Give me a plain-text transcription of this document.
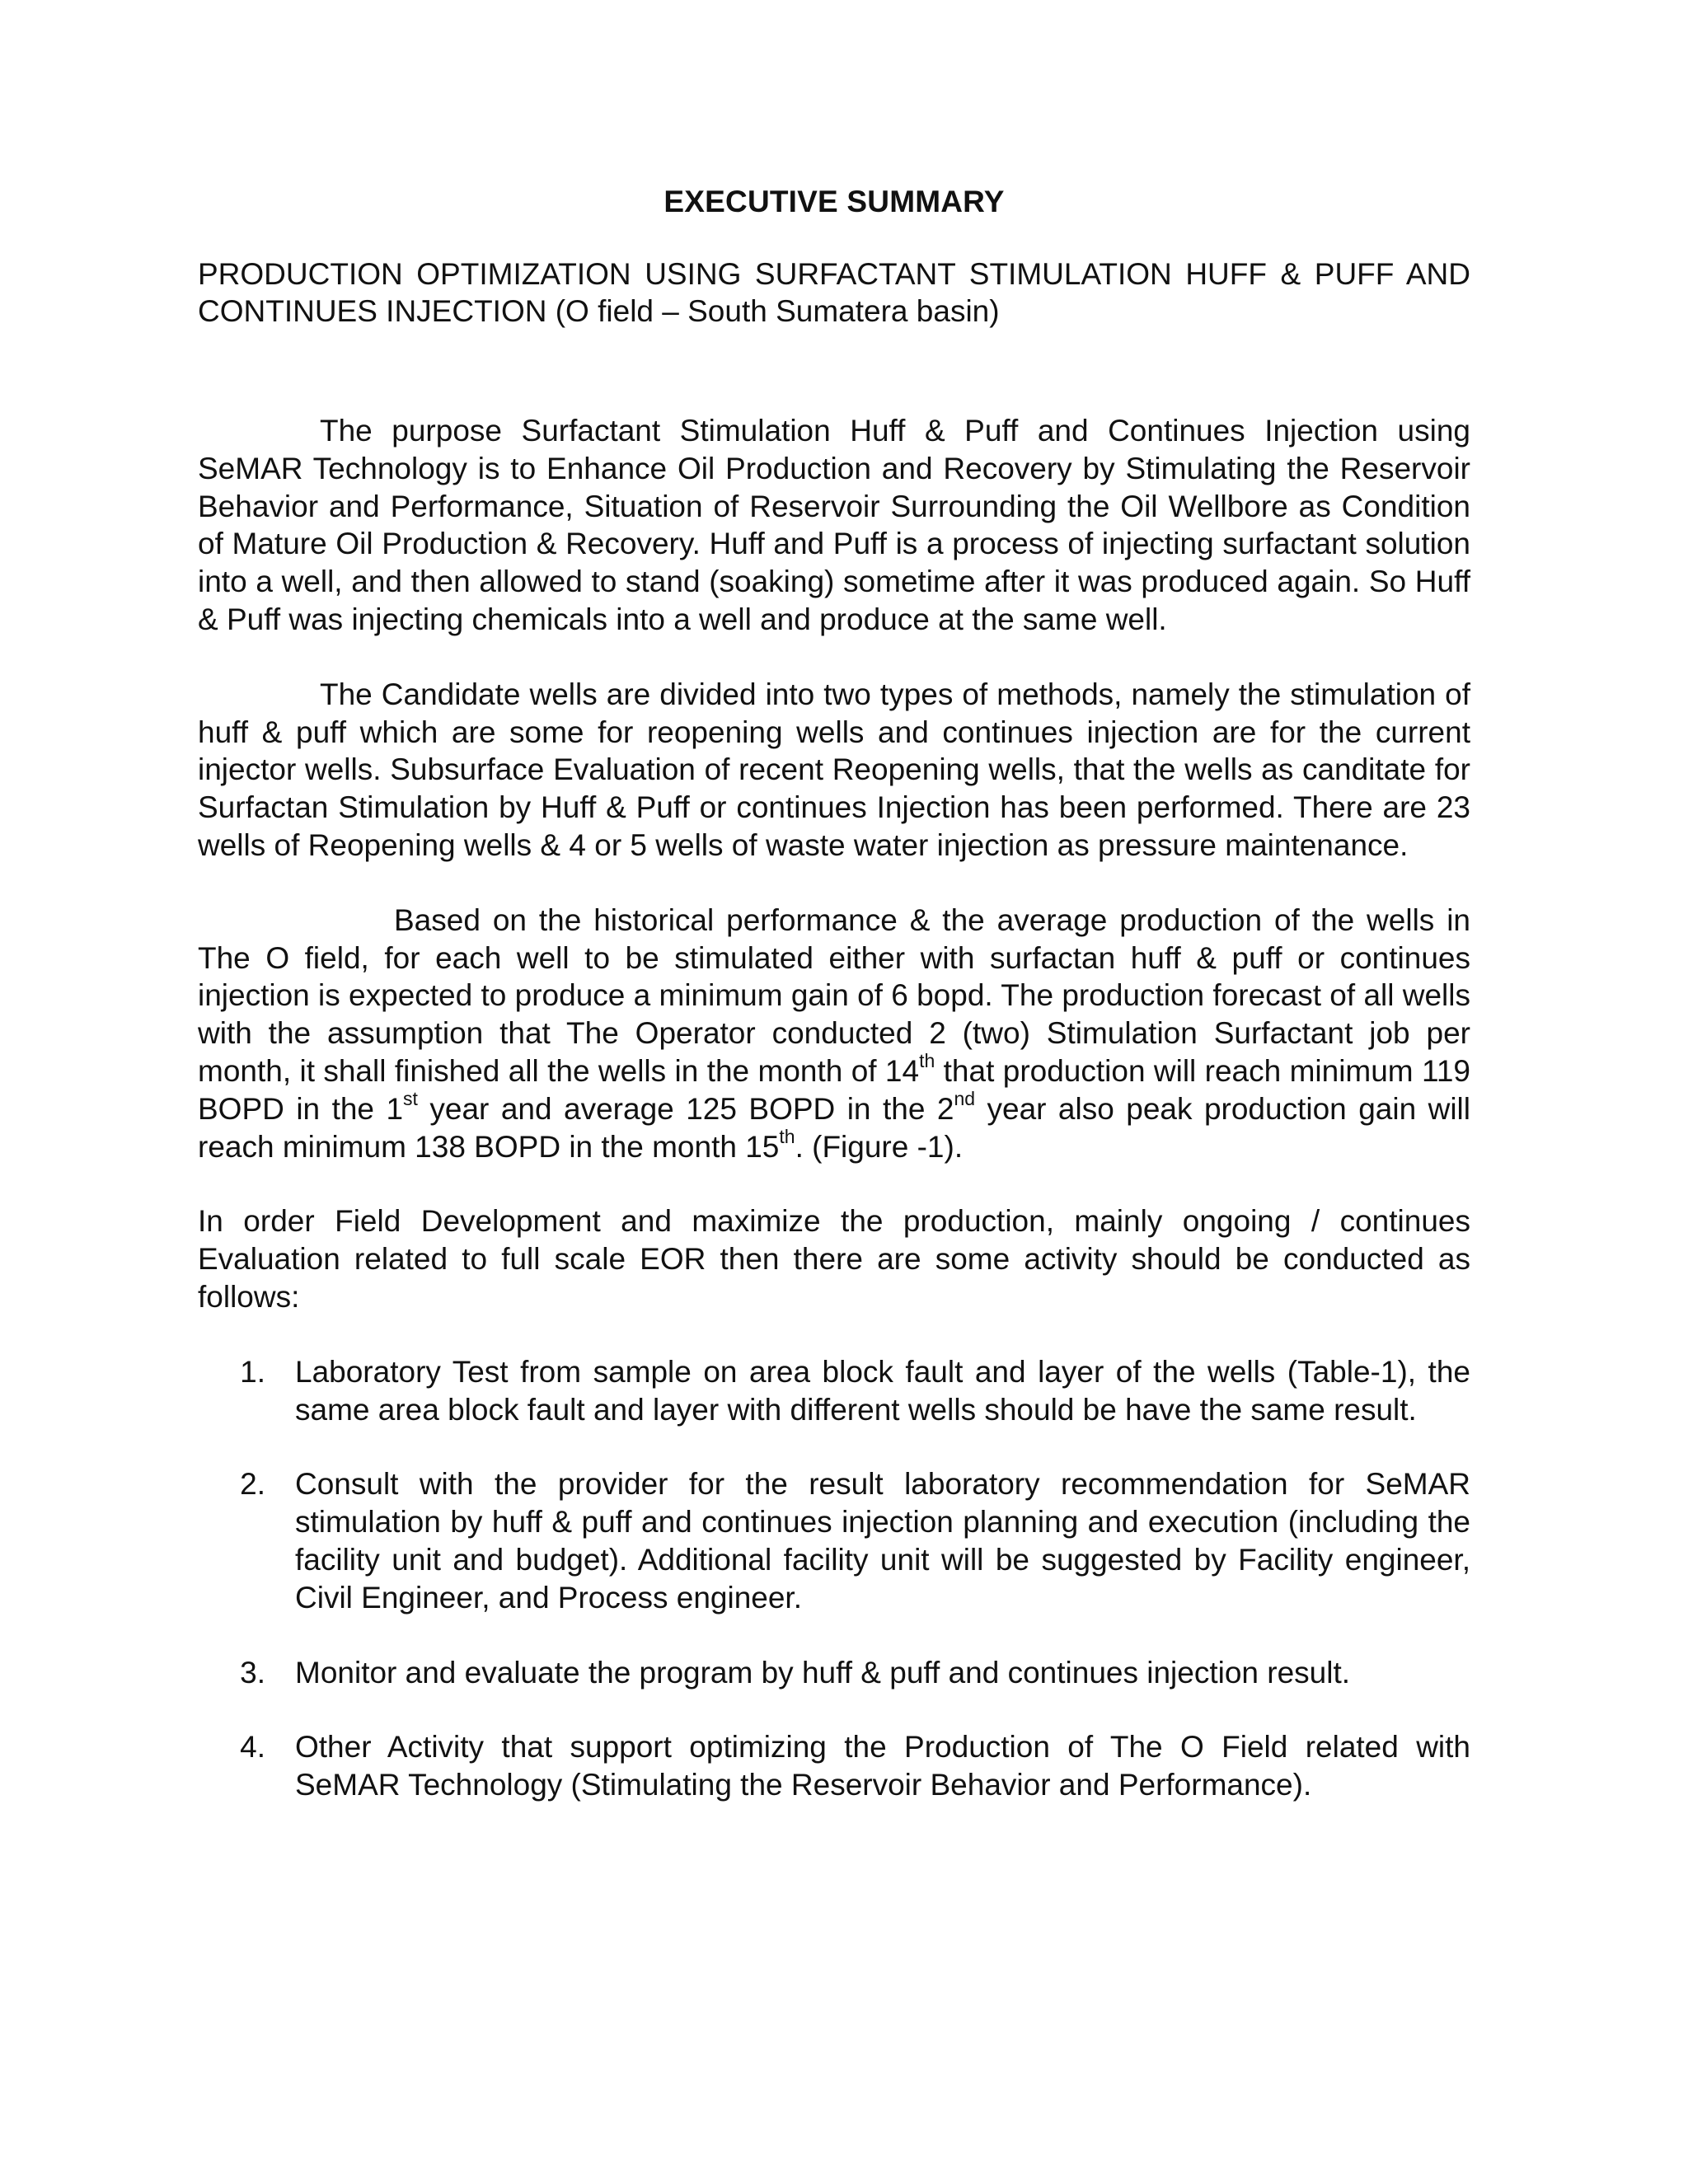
EXECUTIVE SUMMARY
PRODUCTION OPTIMIZATION USING SURFACTANT STIMULATION HUFF & PUFF AND CONTINUES INJECTION (O field – South Sumatera basin)

The purpose Surfactant Stimulation Huff & Puff and Continues Injection using SeMAR Technology is to Enhance Oil Production and Recovery by Stimulating the Reservoir Behavior and Performance, Situation of Reservoir Surrounding the Oil Wellbore as Condition of Mature Oil Production & Recovery. Huff and Puff is a process of injecting surfactant solution into a well, and then allowed to stand (soaking) sometime after it was produced again. So Huff & Puff was injecting chemicals into a well and produce at the same well.

The Candidate wells are divided into two types of methods, namely the stimulation of huff & puff which are some for reopening wells and continues injection are for the current injector wells. Subsurface Evaluation of recent Reopening wells, that the wells as canditate for Surfactan Stimulation by Huff & Puff or continues Injection has been performed. There are 23 wells of Reopening wells & 4 or 5 wells of waste water injection as pressure maintenance.

Based on the historical performance & the average production of the wells in The O field, for each well to be stimulated either with surfactan huff & puff or continues injection is expected to produce a minimum gain of 6 bopd. The production forecast of all wells with the assumption that The Operator conducted 2 (two) Stimulation Surfactant job per month, it shall finished all the wells in the month of 14th that production will reach minimum 119 BOPD in the 1st year and average 125 BOPD in the 2nd year also peak production gain will reach minimum 138 BOPD in the month 15th. (Figure -1).

In order Field Development and maximize the production, mainly ongoing / continues Evaluation related to full scale EOR then there are some activity should be conducted as follows:

1. Laboratory Test from sample on area block fault and layer of the wells (Table-1), the same area block fault and layer with different wells should be have the same result.
2. Consult with the provider for the result laboratory recommendation for SeMAR stimulation by huff & puff and continues injection planning and execution (including the facility unit and budget). Additional facility unit will be suggested by Facility engineer, Civil Engineer, and Process engineer.
3. Monitor and evaluate the program by huff & puff and continues injection result.
4. Other Activity that support optimizing the Production of The O Field related with SeMAR Technology (Stimulating the Reservoir Behavior and Performance).
